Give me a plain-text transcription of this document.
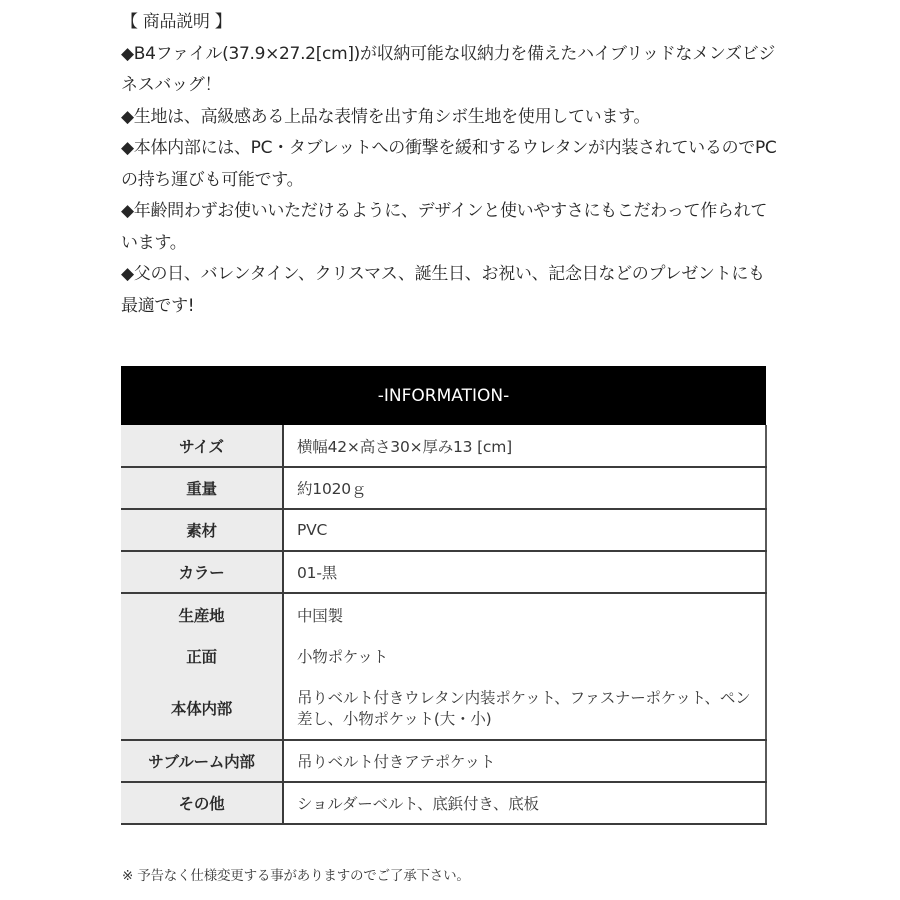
【 商品説明 】
◆B4ファイル(37.9×27.2[cm])が収納可能な収納力を備えたハイブリッドなメンズビジネスバッグ！
◆生地は、高級感ある上品な表情を出す角シボ生地を使用しています。
◆本体内部には、PC・タブレットへの衝撃を緩和するウレタンが内装されているのでPCの持ち運びも可能です。
◆年齢問わずお使いいただけるように、デザインと使いやすさにもこだわって作られています。
◆父の日、バレンタイン、クリスマス、誕生日、お祝い、記念日などのプレゼントにも最適です!
-INFORMATION-	
サイズ	横幅42×高さ30×厚み13 [cm]
重量	約1020ｇ
素材	PVC
カラー	01-黒
生産地	中国製
正面	小物ポケット
本体内部	吊りベルト付きウレタン内装ポケット、ファスナーポケット、ペン差し、小物ポケット(大・小)
サブルーム内部	吊りベルト付きアテポケット
その他	ショルダーベルト、底鋲付き、底板
※ 予告なく仕様変更する事がありますのでご了承下さい。
